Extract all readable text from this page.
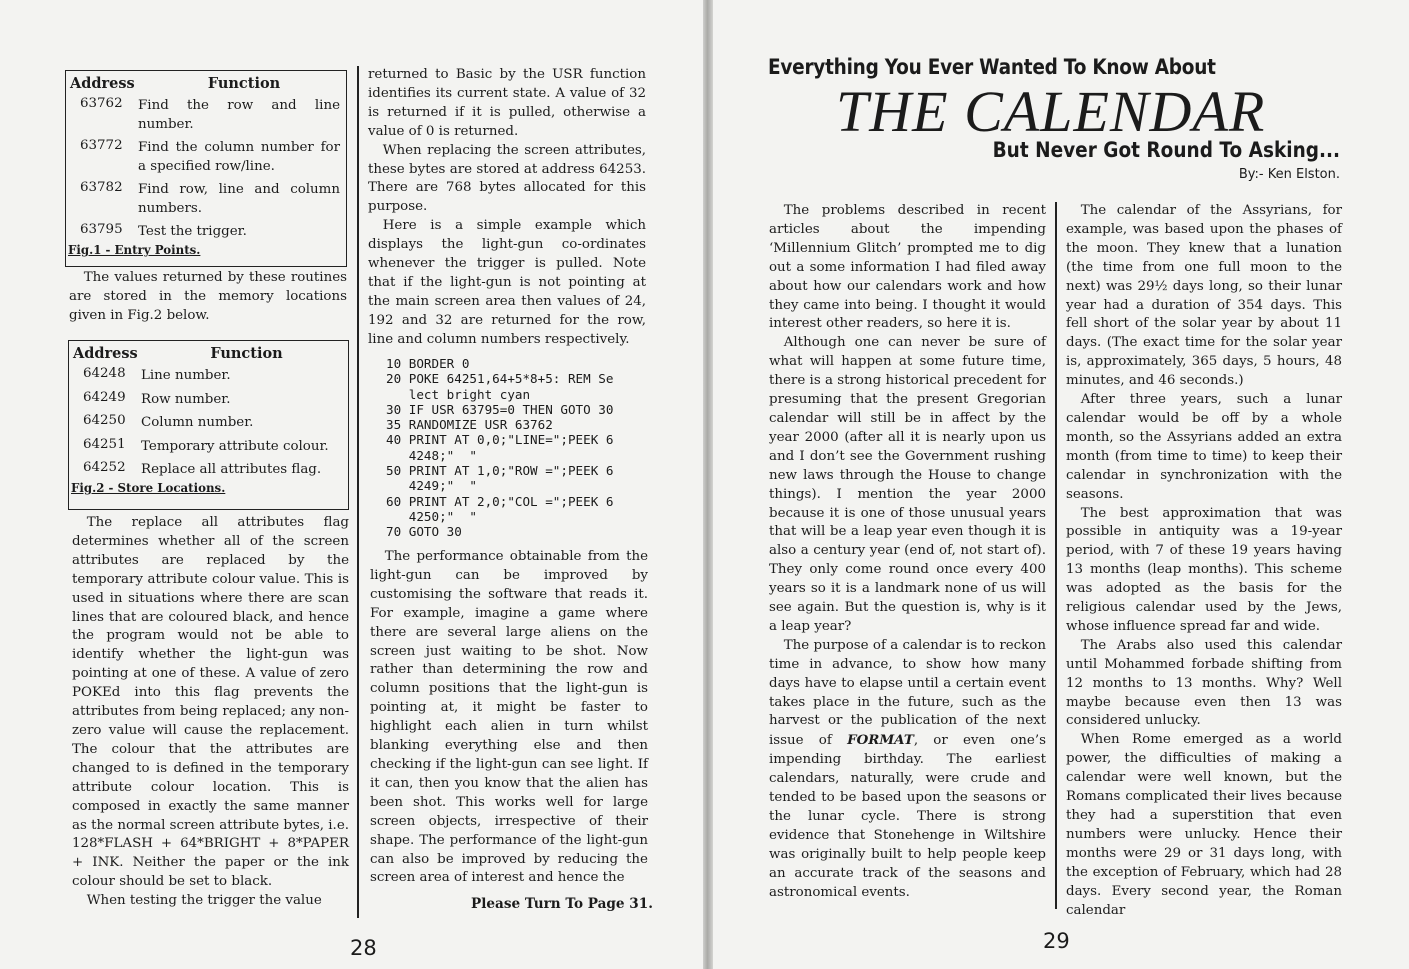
Address	Function
63762	Find the row and line number.
63772	Find the column number for a specified row/line.
63782	Find row, line and column numbers.
63795	Test the trigger.
Fig.1 - Entry Points.

The values returned by these routines are stored in the memory locations given in Fig.2 below.

Address	Function
64248	Line number.
64249	Row number.
64250	Column number.
64251	Temporary attribute colour.
64252	Replace all attributes flag.
Fig.2 - Store Locations.

The replace all attributes flag determines whether all of the screen attributes are replaced by the temporary attribute colour value. This is used in situations where there are scan lines that are coloured black, and hence the program would not be able to identify whether the light-gun was pointing at one of these. A value of zero POKEd into this flag prevents the attributes from being replaced; any non-zero value will cause the replacement. The colour that the attributes are changed to is defined in the temporary attribute colour location. This is composed in exactly the same manner as the normal screen attribute bytes, i.e. 128*FLASH + 64*BRIGHT + 8*PAPER + INK. Neither the paper or the ink colour should be set to black.

When testing the trigger the value

returned to Basic by the USR function identifies its current state. A value of 32 is returned if it is pulled, otherwise a value of 0 is returned.

When replacing the screen attributes, these bytes are stored at address 64253. There are 768 bytes allocated for this purpose.

Here is a simple example which displays the light-gun co-ordinates whenever the trigger is pulled. Note that if the light-gun is not pointing at the main screen area then values of 24, 192 and 32 are returned for the row, line and column numbers respectively.

10 BORDER 0
20 POKE 64251,64+5*8+5: REM Se
lect bright cyan
30 IF USR 63795=0 THEN GOTO 30
35 RANDOMIZE USR 63762
40 PRINT AT 0,0;"LINE=";PEEK 6
4248;"  "
50 PRINT AT 1,0;"ROW =";PEEK 6
4249;"  "
60 PRINT AT 2,0;"COL =";PEEK 6
4250;"  "
70 GOTO 30

The performance obtainable from the light-gun can be improved by customising the software that reads it. For example, imagine a game where there are several large aliens on the screen just waiting to be shot. Now rather than determining the row and column positions that the light-gun is pointing at, it might be faster to highlight each alien in turn whilst blanking everything else and then checking if the light-gun can see light. If it can, then you know that the alien has been shot. This works well for large screen objects, irrespective of their shape. The performance of the light-gun can also be improved by reducing the screen area of interest and hence the

Please Turn To Page 31.
28
Everything You Ever Wanted To Know About
THE CALENDAR
But Never Got Round To Asking...
By:- Ken Elston.

The problems described in recent articles about the impending ‘Millennium Glitch’ prompted me to dig out a some information I had filed away about how our calendars work and how they came into being. I thought it would interest other readers, so here it is.

Although one can never be sure of what will happen at some future time, there is a strong historical precedent for presuming that the present Gregorian calendar will still be in affect by the year 2000 (after all it is nearly upon us and I don’t see the Government rushing new laws through the House to change things). I mention the year 2000 because it is one of those unusual years that will be a leap year even though it is also a century year (end of, not start of). They only come round once every 400 years so it is a landmark none of us will see again. But the question is, why is it a leap year?

The purpose of a calendar is to reckon time in advance, to show how many days have to elapse until a certain event takes place in the future, such as the harvest or the publication of the next issue of FORMAT, or even one’s impending birthday. The earliest calendars, naturally, were crude and tended to be based upon the seasons or the lunar cycle. There is strong evidence that Stonehenge in Wiltshire was originally built to help people keep an accurate track of the seasons and astronomical events.

The calendar of the Assyrians, for example, was based upon the phases of the moon. They knew that a lunation (the time from one full moon to the next) was 29½ days long, so their lunar year had a duration of 354 days. This fell short of the solar year by about 11 days. (The exact time for the solar year is, approximately, 365 days, 5 hours, 48 minutes, and 46 seconds.)

After three years, such a lunar calendar would be off by a whole month, so the Assyrians added an extra month (from time to time) to keep their calendar in synchronization with the seasons.

The best approximation that was possible in antiquity was a 19-year period, with 7 of these 19 years having 13 months (leap months). This scheme was adopted as the basis for the religious calendar used by the Jews, whose influence spread far and wide.

The Arabs also used this calendar until Mohammed forbade shifting from 12 months to 13 months. Why? Well maybe because even then 13 was considered unlucky.

When Rome emerged as a world power, the difficulties of making a calendar were well known, but the Romans complicated their lives because they had a superstition that even numbers were unlucky. Hence their months were 29 or 31 days long, with the exception of February, which had 28 days. Every second year, the Roman calendar

29
